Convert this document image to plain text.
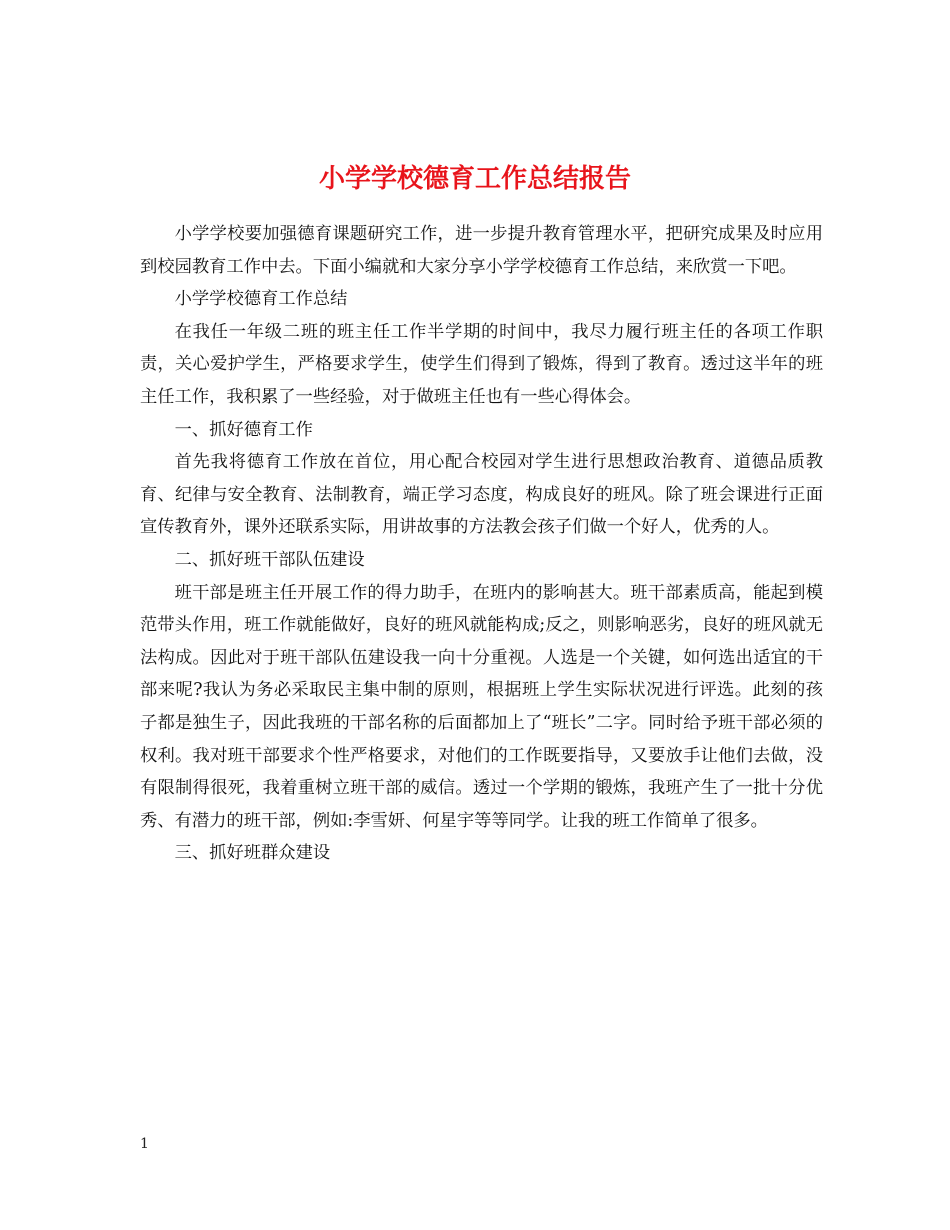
小学学校德育工作总结报告

小学学校要加强德育课题研究工作，进一步提升教育管理水平，把研究成果及时应用到校园教育工作中去。下面小编就和大家分享小学学校德育工作总结，来欣赏一下吧。

小学学校德育工作总结

在我任一年级二班的班主任工作半学期的时间中，我尽力履行班主任的各项工作职责，关心爱护学生，严格要求学生，使学生们得到了锻炼，得到了教育。透过这半年的班主任工作，我积累了一些经验，对于做班主任也有一些心得体会。

一、抓好德育工作

首先我将德育工作放在首位，用心配合校园对学生进行思想政治教育、道德品质教育、纪律与安全教育、法制教育，端正学习态度，构成良好的班风。除了班会课进行正面宣传教育外，课外还联系实际，用讲故事的方法教会孩子们做一个好人，优秀的人。

二、抓好班干部队伍建设

班干部是班主任开展工作的得力助手，在班内的影响甚大。班干部素质高，能起到模范带头作用，班工作就能做好，良好的班风就能构成;反之，则影响恶劣，良好的班风就无法构成。因此对于班干部队伍建设我一向十分重视。人选是一个关键，如何选出适宜的干部来呢?我认为务必采取民主集中制的原则，根据班上学生实际状况进行评选。此刻的孩子都是独生子，因此我班的干部名称的后面都加上了“班长”二字。同时给予班干部必须的权利。我对班干部要求个性严格要求，对他们的工作既要指导，又要放手让他们去做，没有限制得很死，我着重树立班干部的威信。透过一个学期的锻炼，我班产生了一批十分优秀、有潜力的班干部，例如:李雪妍、何星宇等等同学。让我的班工作简单了很多。

三、抓好班群众建设

1
